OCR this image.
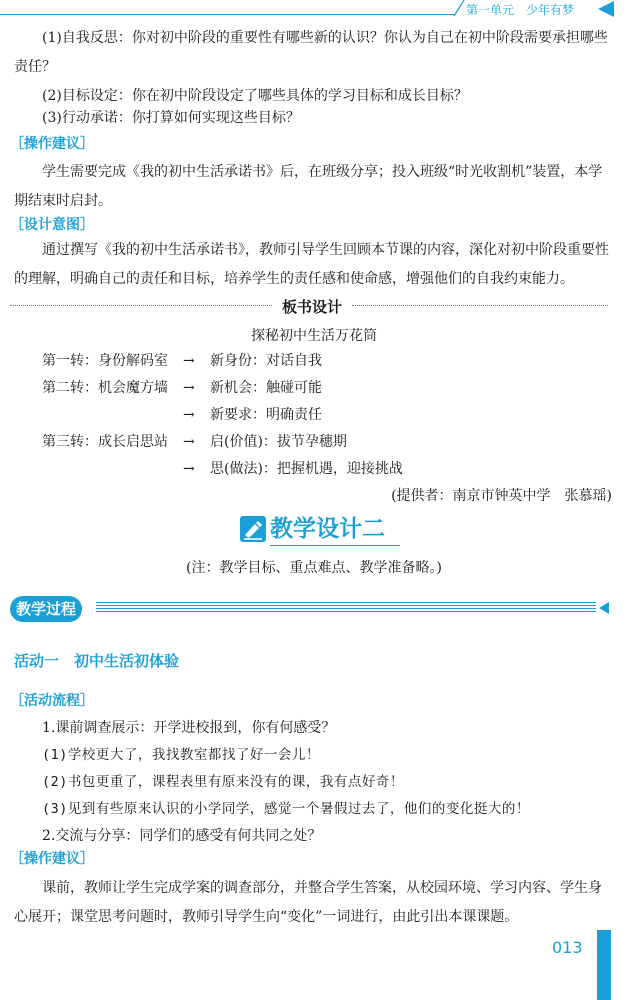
第一单元　少年有梦
(1)自我反思：你对初中阶段的重要性有哪些新的认识？你认为自己在初中阶段需要承担哪些责任？
(2)目标设定：你在初中阶段设定了哪些具体的学习目标和成长目标？
(3)行动承诺：你打算如何实现这些目标？
［操作建议］
学生需要完成《我的初中生活承诺书》后，在班级分享；投入班级“时光收割机”装置，本学期结束时启封。
［设计意图］
通过撰写《我的初中生活承诺书》，教师引导学生回顾本节课的内容，深化对初中阶段重要性的理解，明确自己的责任和目标，培养学生的责任感和使命感，增强他们的自我约束能力。
板书设计
探秘初中生活万花筒
第一转：身份解码室 → 新身份：对话自我
第二转：机会魔方墙 → 新机会：触碰可能
→ 新要求：明确责任
第三转：成长启思站 → 启(价值)：拔节孕穗期
→ 思(做法)：把握机遇，迎接挑战
(提供者：南京市钟英中学　张慕瑶)
教学设计二
(注：教学目标、重点难点、教学准备略。)
教学过程
活动一　初中生活初体验
［活动流程］
1.课前调查展示：开学进校报到，你有何感受？
(1)学校更大了，我找教室都找了好一会儿！
(2)书包更重了，课程表里有原来没有的课，我有点好奇！
(3)见到有些原来认识的小学同学，感觉一个暑假过去了，他们的变化挺大的！
2.交流与分享：同学们的感受有何共同之处？
［操作建议］
课前，教师让学生完成学案的调查部分，并整合学生答案，从校园环境、学习内容、学生身心展开；课堂思考问题时，教师引导学生向“变化”一词进行，由此引出本课课题。
013
